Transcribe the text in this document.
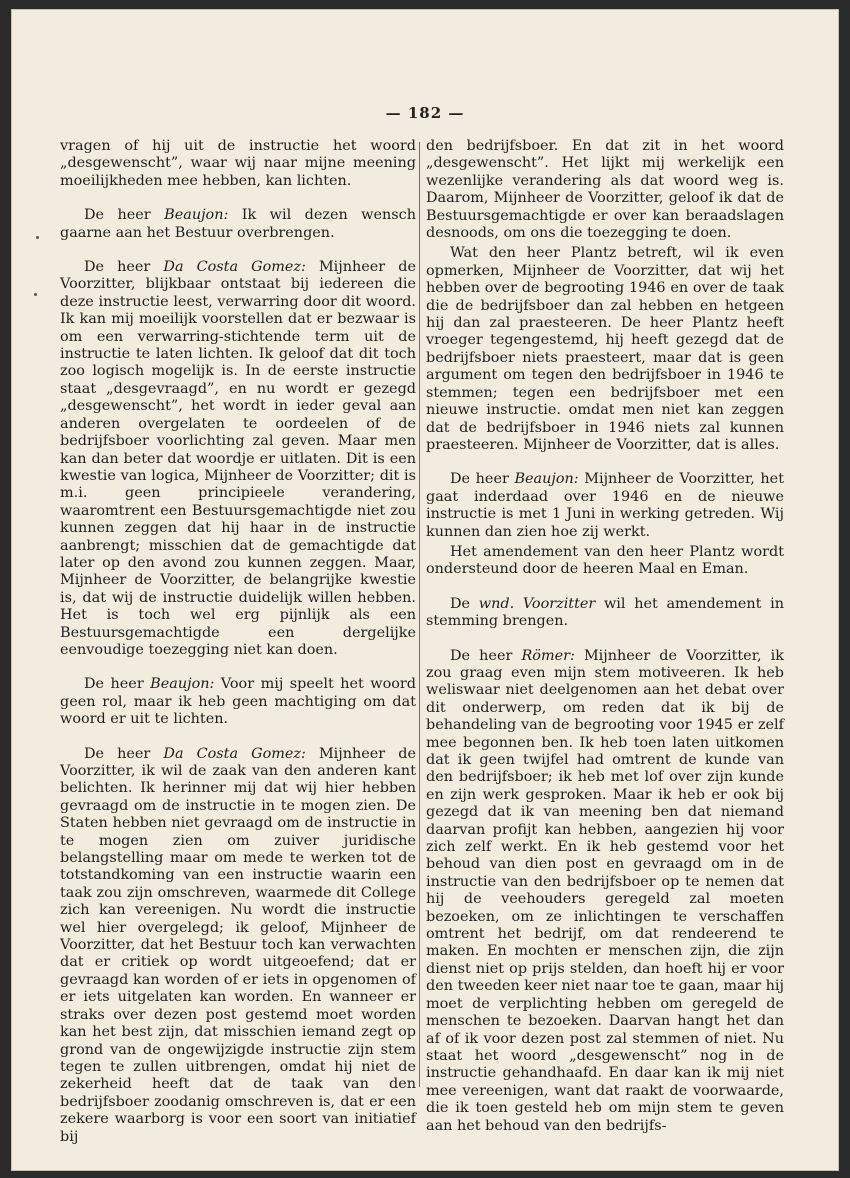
— 182 —

vragen of hij uit de instructie het woord „desgewenscht”, waar wij naar mijne meening moeilijkheden mee hebben, kan lichten.

De heer Beaujon: Ik wil dezen wensch gaarne aan het Bestuur overbrengen.

De heer Da Costa Gomez: Mijnheer de Voorzitter, blijkbaar ontstaat bij iedereen die deze instructie leest, verwarring door dit woord. Ik kan mij moeilijk voorstellen dat er bezwaar is om een verwarring-stichtende term uit de instructie te laten lichten. Ik geloof dat dit toch zoo logisch mogelijk is. In de eerste instructie staat „desgevraagd”, en nu wordt er gezegd „desgewenscht”, het wordt in ieder geval aan anderen overgelaten te oordeelen of de bedrijfsboer voorlichting zal geven. Maar men kan dan beter dat woordje er uitlaten. Dit is een kwestie van logica, Mijnheer de Voorzitter; dit is m.i. geen principieele verandering, waaromtrent een Bestuursgemachtigde niet zou kunnen zeggen dat hij haar in de instructie aanbrengt; misschien dat de gemachtigde dat later op den avond zou kunnen zeggen. Maar, Mijnheer de Voorzitter, de belangrijke kwestie is, dat wij de instructie duidelijk willen hebben. Het is toch wel erg pijnlijk als een Bestuursgemachtigde een dergelijke eenvoudige toezegging niet kan doen.

De heer Beaujon: Voor mij speelt het woord geen rol, maar ik heb geen machtiging om dat woord er uit te lichten.

De heer Da Costa Gomez: Mijnheer de Voorzitter, ik wil de zaak van den anderen kant belichten. Ik herinner mij dat wij hier hebben gevraagd om de instructie in te mogen zien. De Staten hebben niet gevraagd om de instructie in te mogen zien om zuiver juridische belangstelling maar om mede te werken tot de totstandkoming van een instructie waarin een taak zou zijn omschreven, waarmede dit College zich kan vereenigen. Nu wordt die instructie wel hier overgelegd; ik geloof, Mijnheer de Voorzitter, dat het Bestuur toch kan verwachten dat er critiek op wordt uitgeoefend; dat er gevraagd kan worden of er iets in opgenomen of er iets uitgelaten kan worden. En wanneer er straks over dezen post gestemd moet worden kan het best zijn, dat misschien iemand zegt op grond van de ongewijzigde instructie zijn stem tegen te zullen uitbrengen, omdat hij niet de zekerheid heeft dat de taak van den bedrijfsboer zoodanig omschreven is, dat er een zekere waarborg is voor een soort van initiatief bij

den bedrijfsboer. En dat zit in het woord „desgewenscht”. Het lijkt mij werkelijk een wezenlijke verandering als dat woord weg is. Daarom, Mijnheer de Voorzitter, geloof ik dat de Bestuursgemachtigde er over kan beraadslagen desnoods, om ons die toezegging te doen.

Wat den heer Plantz betreft, wil ik even opmerken, Mijnheer de Voorzitter, dat wij het hebben over de begrooting 1946 en over de taak die de bedrijfsboer dan zal hebben en hetgeen hij dan zal praesteeren. De heer Plantz heeft vroeger tegengestemd, hij heeft gezegd dat de bedrijfsboer niets praesteert, maar dat is geen argument om tegen den bedrijfsboer in 1946 te stemmen; tegen een bedrijfsboer met een nieuwe instructie. omdat men niet kan zeggen dat de bedrijfsboer in 1946 niets zal kunnen praesteeren. Mijnheer de Voorzitter, dat is alles.

De heer Beaujon: Mijnheer de Voorzitter, het gaat inderdaad over 1946 en de nieuwe instructie is met 1 Juni in werking getreden. Wij kunnen dan zien hoe zij werkt.

Het amendement van den heer Plantz wordt ondersteund door de heeren Maal en Eman.

De wnd. Voorzitter wil het amendement in stemming brengen.

De heer Römer: Mijnheer de Voorzitter, ik zou graag even mijn stem motiveeren. Ik heb weliswaar niet deelgenomen aan het debat over dit onderwerp, om reden dat ik bij de behandeling van de begrooting voor 1945 er zelf mee begonnen ben. Ik heb toen laten uitkomen dat ik geen twijfel had omtrent de kunde van den bedrijfsboer; ik heb met lof over zijn kunde en zijn werk gesproken. Maar ik heb er ook bij gezegd dat ik van meening ben dat niemand daarvan profijt kan hebben, aangezien hij voor zich zelf werkt. En ik heb gestemd voor het behoud van dien post en gevraagd om in de instructie van den bedrijfsboer op te nemen dat hij de veehouders geregeld zal moeten bezoeken, om ze inlichtingen te verschaffen omtrent het bedrijf, om dat rendeerend te maken. En mochten er menschen zijn, die zijn dienst niet op prijs stelden, dan hoeft hij er voor den tweeden keer niet naar toe te gaan, maar hij moet de verplichting hebben om geregeld de menschen te bezoeken. Daarvan hangt het dan af of ik voor dezen post zal stemmen of niet. Nu staat het woord „desgewenscht” nog in de instructie gehandhaafd. En daar kan ik mij niet mee vereenigen, want dat raakt de voorwaarde, die ik toen gesteld heb om mijn stem te geven aan het behoud van den bedrijfs-
